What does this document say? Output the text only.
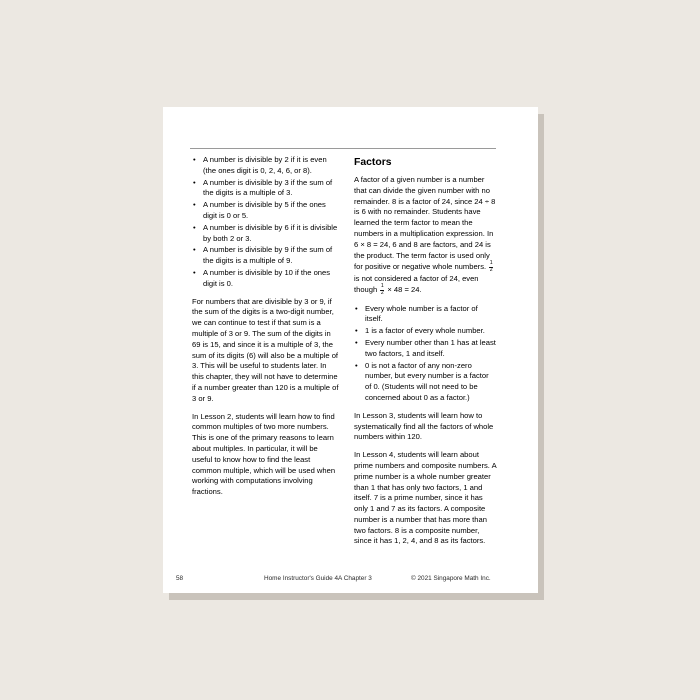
• A number is divisible by 2 if it is even (the ones digit is 0, 2, 4, 6, or 8).
• A number is divisible by 3 if the sum of the digits is a multiple of 3.
• A number is divisible by 5 if the ones digit is 0 or 5.
• A number is divisible by 6 if it is divisible by both 2 or 3.
• A number is divisible by 9 if the sum of the digits is a multiple of 9.
• A number is divisible by 10 if the ones digit is 0.

For numbers that are divisible by 3 or 9, if the sum of the digits is a two-digit number, we can continue to test if that sum is a multiple of 3 or 9. The sum of the digits in 69 is 15, and since it is a multiple of 3, the sum of its digits (6) will also be a multiple of 3. This will be useful to students later. In this chapter, they will not have to determine if a number greater than 120 is a multiple of 3 or 9.

In Lesson 2, students will learn how to find common multiples of two more numbers. This is one of the primary reasons to learn about multiples. In particular, it will be useful to know how to find the least common multiple, which will be used when working with computations involving fractions.

Factors

A factor of a given number is a number that can divide the given number with no remainder. 8 is a factor of 24, since 24 ÷ 8 is 6 with no remainder. Students have learned the term factor to mean the numbers in a multiplication expression. In 6 × 8 = 24, 6 and 8 are factors, and 24 is the product. The term factor is used only for positive or negative whole numbers. $\frac{1}{2}$
is not considered a factor of 24, even though $\frac{1}{2} \times 48 = 24$.

• Every whole number is a factor of itself.
• 1 is a factor of every whole number.
• Every number other than 1 has at least two factors, 1 and itself.
• 0 is not a factor of any non-zero number, but every number is a factor of 0. (Students will not need to be concerned about 0 as a factor.)

In Lesson 3, students will learn how to systematically find all the factors of whole numbers within 120.

In Lesson 4, students will learn about prime numbers and composite numbers. A prime number is a whole number greater than 1 that has only two factors, 1 and itself. 7 is a prime number, since it has only 1 and 7 as its factors. A composite number is a number that has more than two factors. 8 is a composite number, since it has 1, 2, 4, and 8 as its factors.

58	Home Instructor's Guide 4A Chapter 3	© 2021 Singapore Math Inc.
